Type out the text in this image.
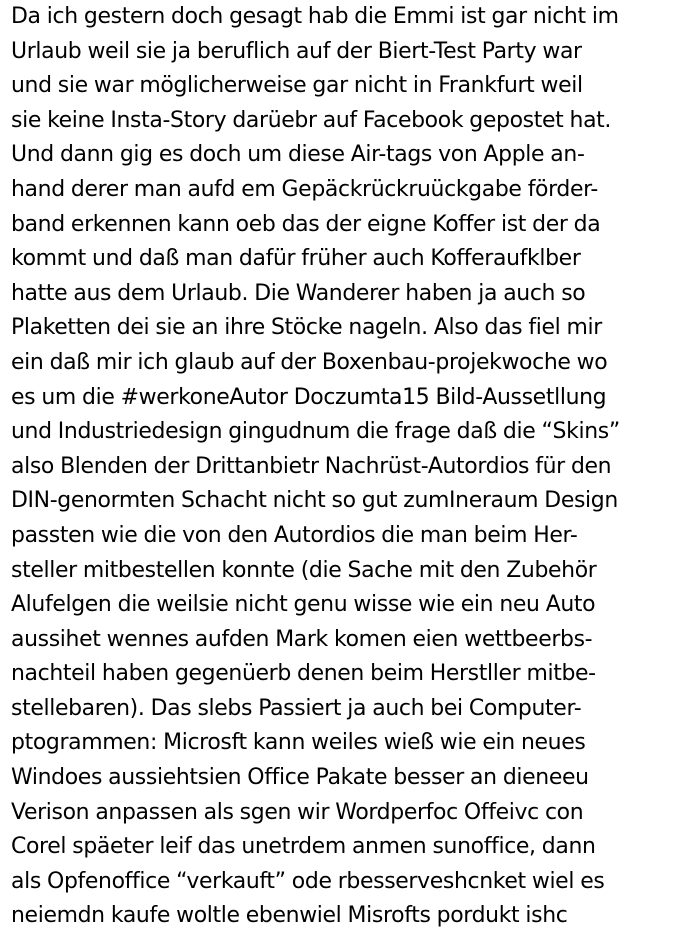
Da ich gestern doch gesagt hab die Emmi ist gar nicht im
Urlaub weil sie ja beruflich auf der Biert-Test Party war
und sie war möglicherweise gar nicht in Frankfurt weil
sie keine Insta-Story darüebr auf Facebook gepostet hat.
Und dann gig es doch um diese Air-tags von Apple an-
hand derer man aufd em Gepäckrückruückgabe förder-
band erkennen kann oeb das der eigne Koffer ist der da
kommt und daß man dafür früher auch Kofferaufklber
hatte aus dem Urlaub. Die Wanderer haben ja auch so
Plaketten dei sie an ihre Stöcke nageln. Also das fiel mir
ein daß mir ich glaub auf der Boxenbau-projekwoche wo
es um die #werkoneAutor Doczumta15 Bild-Aussetllung
und Industriedesign gingudnum die frage daß die “Skins”
also Blenden der Drittanbietr Nachrüst-Autordios für den
DIN-genormten Schacht nicht so gut zumIneraum Design
passten wie die von den Autordios die man beim Her-
steller mitbestellen konnte (die Sache mit den Zubehör
Alufelgen die weilsie nicht genu wisse wie ein neu Auto
aussihet wennes aufden Mark komen eien wettbeerbs-
nachteil haben gegenüerb denen beim Herstller mitbe-
stellebaren). Das slebs Passiert ja auch bei Computer-
ptogrammen: Microsft kann weiles wieß wie ein neues
Windoes aussiehtsien Office Pakate besser an dieneeu
Verison anpassen als sgen wir Wordperfoc Offeivc con
Corel späeter leif das unetrdem anmen sunoffice, dann
als Opfenoffice “verkauft” ode rbesserveshcnket wiel es
neiemdn kaufe woltle ebenwiel Misrofts pordukt ishc
